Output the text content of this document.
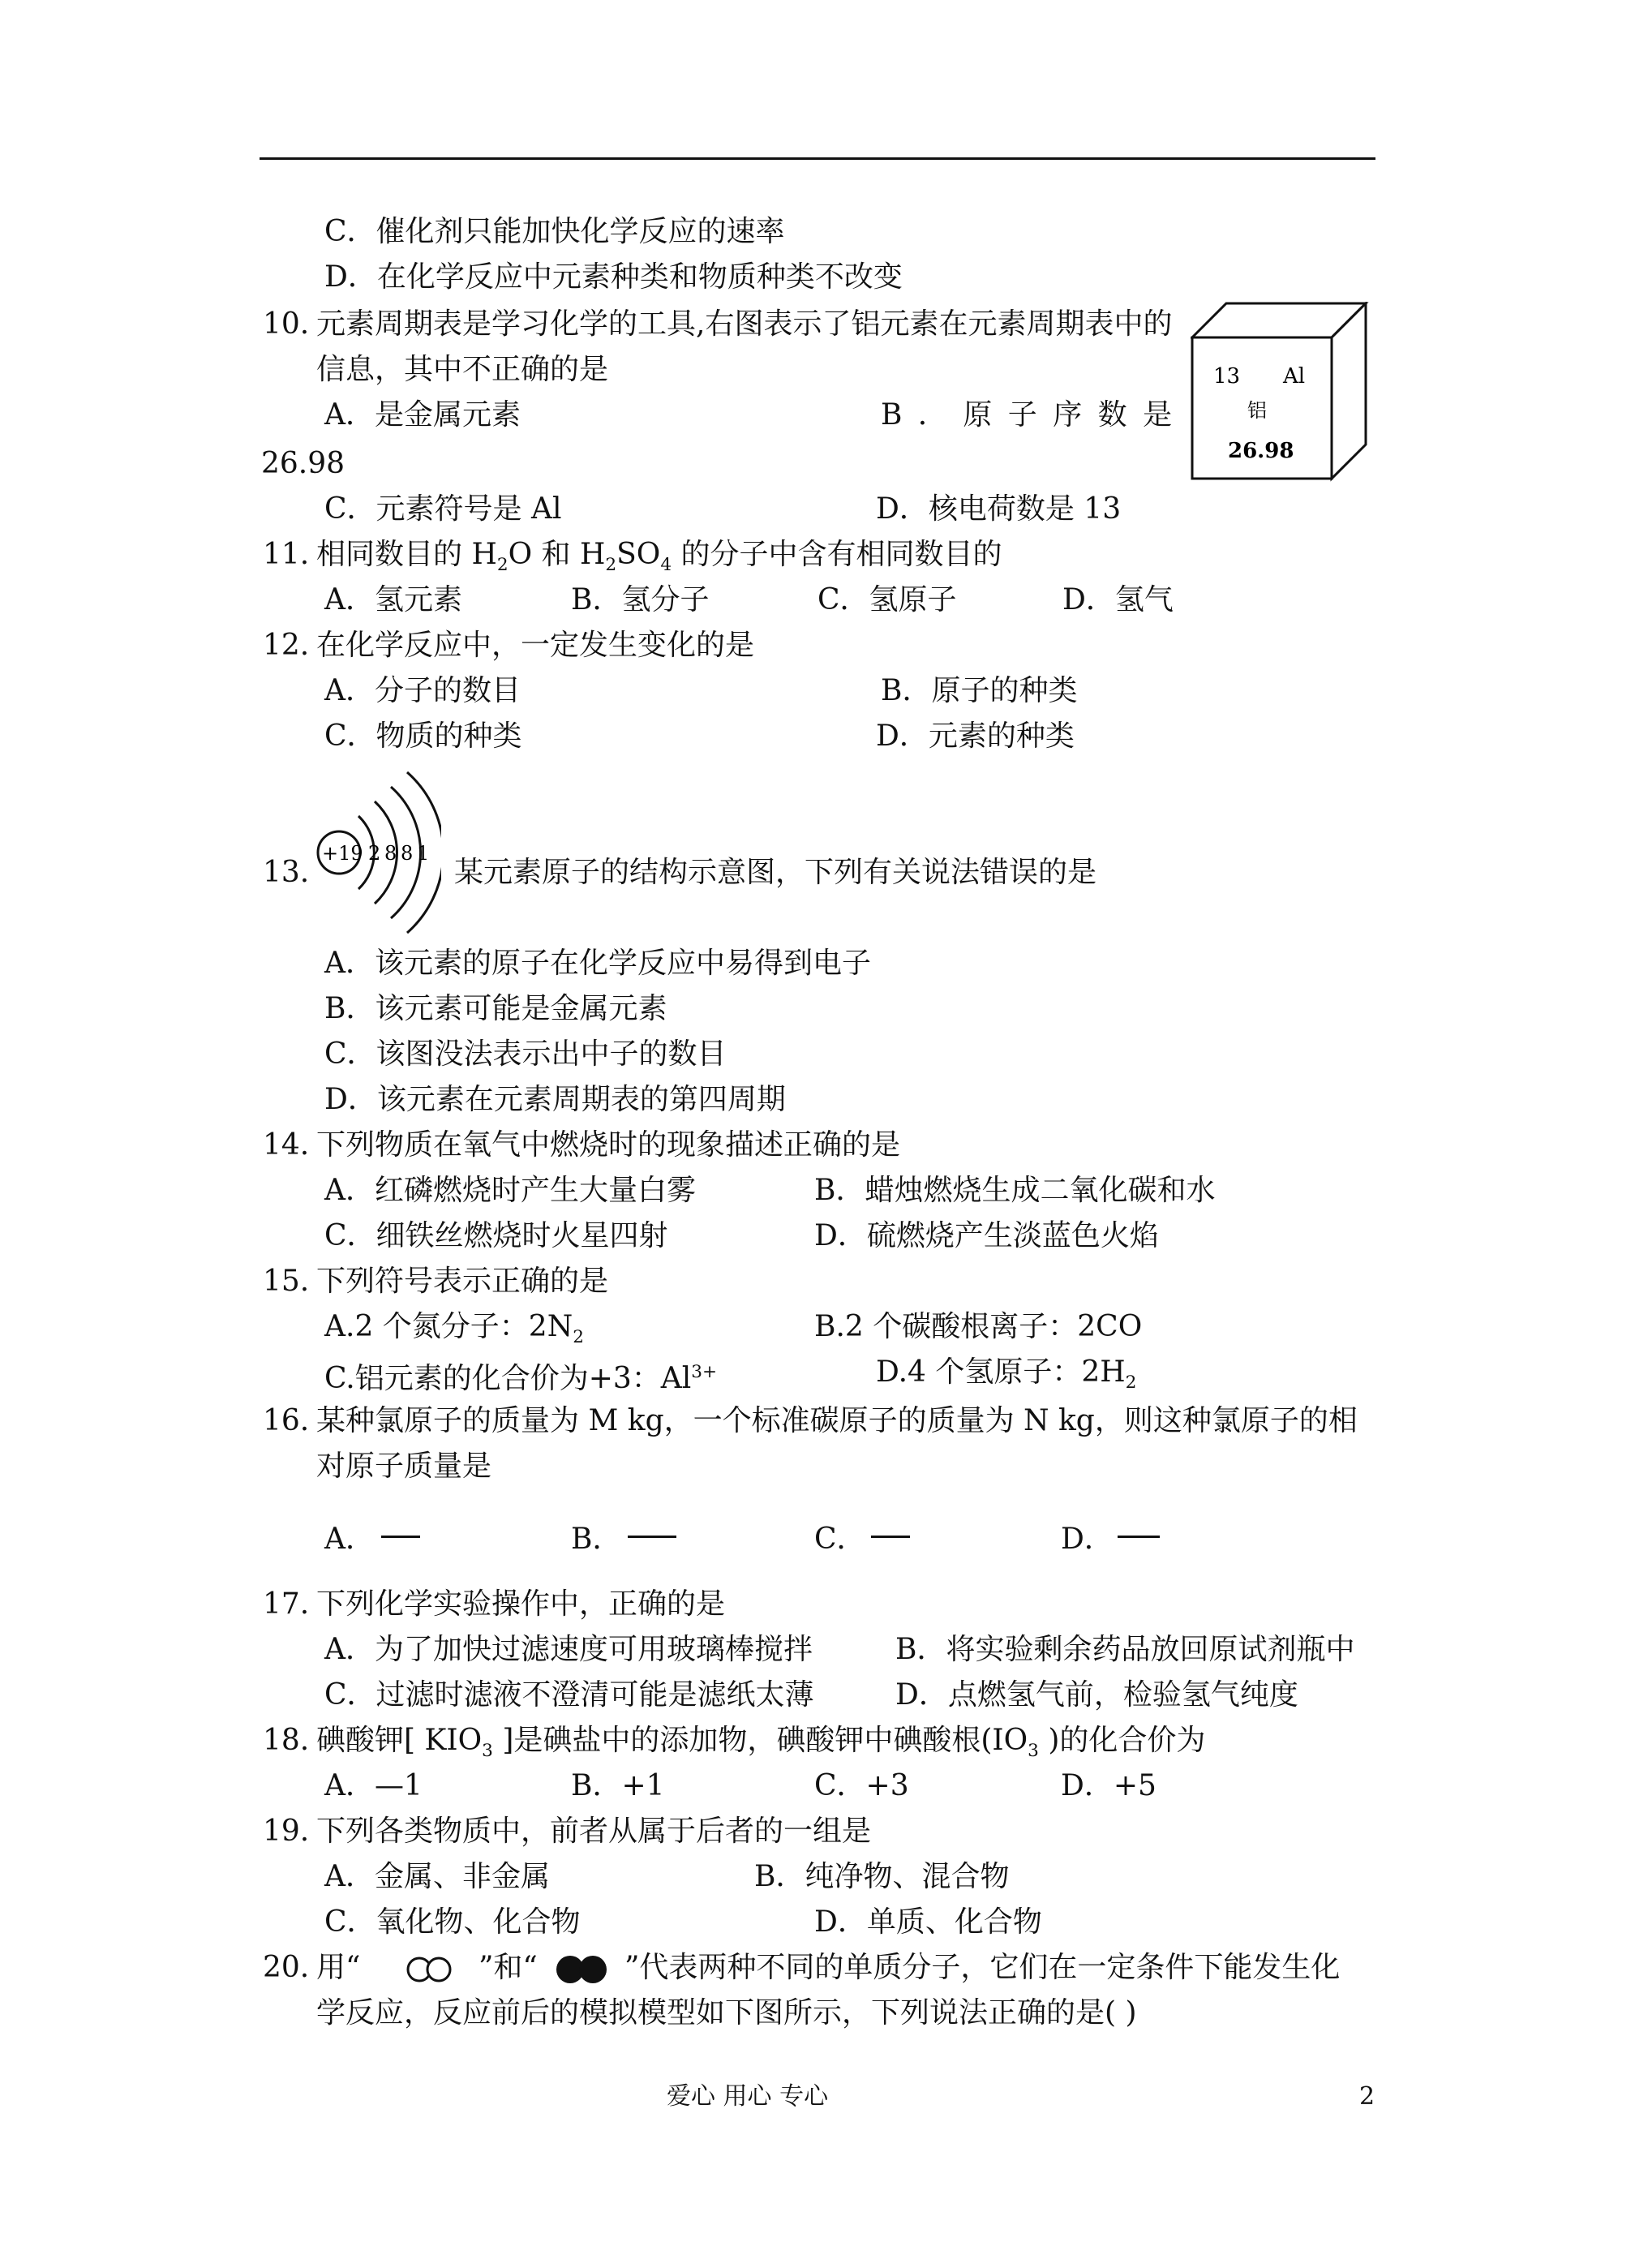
C．催化剂只能加快化学反应的速率
D．在化学反应中元素种类和物质种类不改变
10. 元素周期表是学习化学的工具,右图表示了铝元素在元素周期表中的
信息，其中不正确的是
A．是金属元素	B ． 原 子 序 数 是
26.98
C．元素符号是 Al	D．核电荷数是 13
13 Al
铝
26.98
11. 相同数目的 $H_2O$ 和 $H_2SO_4$ 的分子中含有相同数目的
A．氢元素	B．氢分子	C．氢原子	D．氢气
12. 在化学反应中，一定发生变化的是
A．分子的数目	B．原子的种类
C．物质的种类	D．元素的种类
13.
+19 2 8 8 1
某元素原子的结构示意图，下列有关说法错误的是
A．该元素的原子在化学反应中易得到电子
B．该元素可能是金属元素
C．该图没法表示出中子的数目
D．该元素在元素周期表的第四周期
14. 下列物质在氧气中燃烧时的现象描述正确的是
A．红磷燃烧时产生大量白雾	B．蜡烛燃烧生成二氧化碳和水
C．细铁丝燃烧时火星四射	D．硫燃烧产生淡蓝色火焰
15. 下列符号表示正确的是
A.2 个氮分子：$2N_2$	B.2 个碳酸根离子：2CO
C.铝元素的化合价为+3：$Al^{3+}$	D.4 个氢原子：$2H_2$
16. 某种氯原子的质量为 M kg，一个标准碳原子的质量为 N kg，则这种氯原子的相
对原子质量是
A．	B．	C．	D．
17. 下列化学实验操作中，正确的是
A．为了加快过滤速度可用玻璃棒搅拌	B．将实验剩余药品放回原试剂瓶中
C．过滤时滤液不澄清可能是滤纸太薄	D．点燃氢气前，检验氢气纯度
18. 碘酸钾[ $KIO_3$ ]是碘盐中的添加物，碘酸钾中碘酸根($IO_3$ )的化合价为
A．—1	B．+1	C．+3	D．+5
19. 下列各类物质中，前者从属于后者的一组是
A．金属、非金属	B．纯净物、混合物
C．氧化物、化合物	D．单质、化合物
20. 用“	”和“	”代表两种不同的单质分子，它们在一定条件下能发生化
学反应，反应前后的模拟模型如下图所示，下列说法正确的是( )
爱心 用心 专心	2
